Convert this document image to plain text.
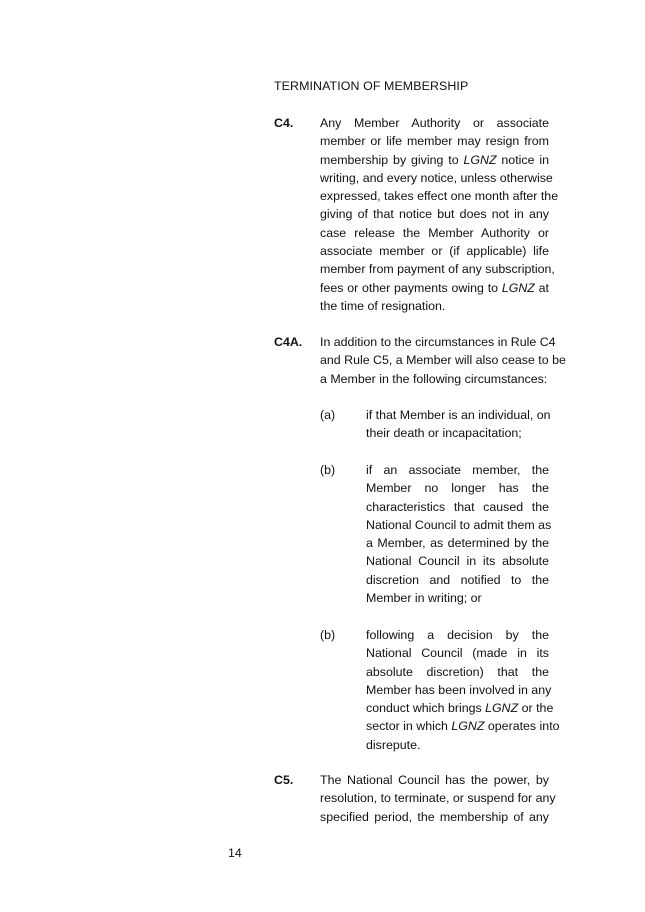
TERMINATION OF MEMBERSHIP
C4. Any Member Authority or associate
member or life member may resign from
membership by giving to LGNZ notice in
writing, and every notice, unless otherwise
expressed, takes effect one month after the
giving of that notice but does not in any
case release the Member Authority or
associate member or (if applicable) life
member from payment of any subscription,
fees or other payments owing to LGNZ at
the time of resignation.
C4A. In addition to the circumstances in Rule C4
and Rule C5, a Member will also cease to be
a Member in the following circumstances:
(a) if that Member is an individual, on
their death or incapacitation;
(b) if an associate member, the
Member no longer has the
characteristics that caused the
National Council to admit them as
a Member, as determined by the
National Council in its absolute
discretion and notified to the
Member in writing; or
(b) following a decision by the
National Council (made in its
absolute discretion) that the
Member has been involved in any
conduct which brings LGNZ or the
sector in which LGNZ operates into
disrepute.
C5. The National Council has the power, by
resolution, to terminate, or suspend for any
specified period, the membership of any
14
